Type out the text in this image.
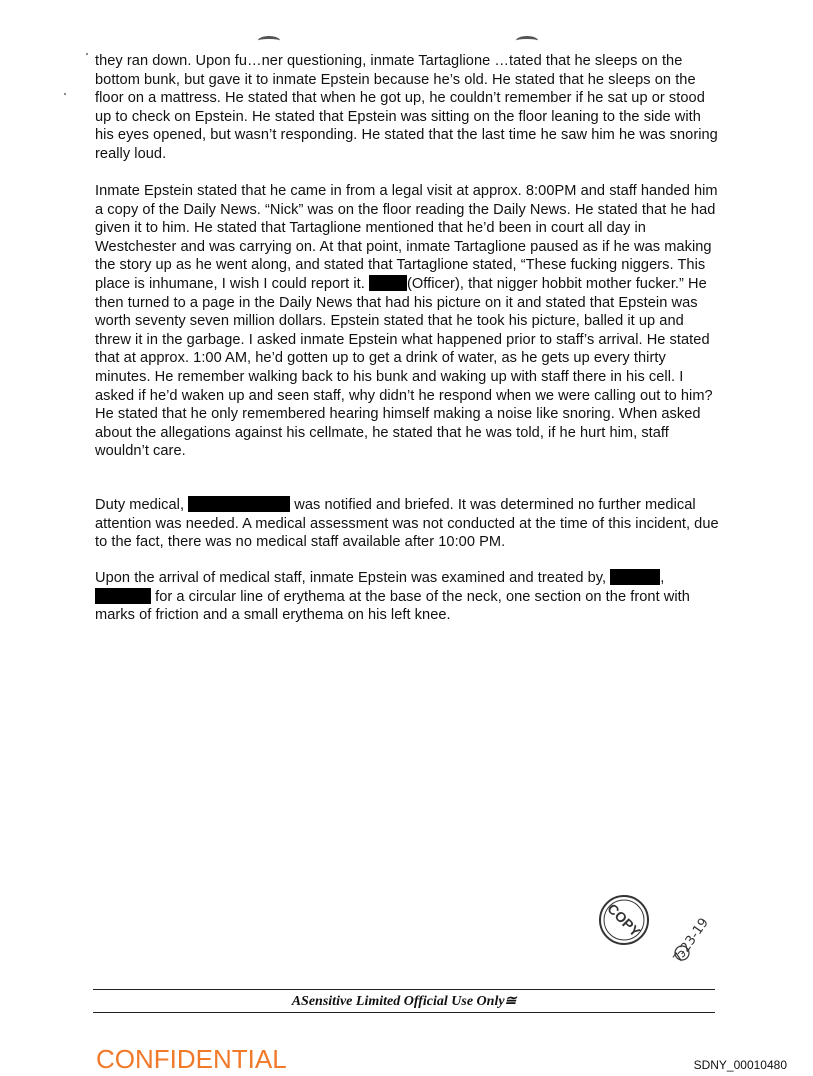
they ran down. Upon fu…ner questioning, inmate Tartaglione …tated that he sleeps on the bottom bunk, but gave it to inmate Epstein because he’s old. He stated that he sleeps on the floor on a mattress. He stated that when he got up, he couldn’t remember if he sat up or stood up to check on Epstein. He stated that Epstein was sitting on the floor leaning to the side with his eyes opened, but wasn’t responding. He stated that the last time he saw him he was snoring really loud.

Inmate Epstein stated that he came in from a legal visit at approx. 8:00PM and staff handed him a copy of the Daily News. “Nick” was on the floor reading the Daily News. He stated that he had given it to him. He stated that Tartaglione mentioned that he’d been in court all day in Westchester and was carrying on. At that point, inmate Tartaglione paused as if he was making the story up as he went along, and stated that Tartaglione stated, “These fucking niggers. This place is inhumane, I wish I could report it.	(Officer), that nigger hobbit mother fucker.” He then turned to a page in the Daily News that had his picture on it and stated that Epstein was worth seventy seven million dollars. Epstein stated that he took his picture, balled it up and threw it in the garbage. I asked inmate Epstein what happened prior to staff’s arrival. He stated that at approx. 1:00 AM, he’d gotten up to get a drink of water, as he gets up every thirty minutes. He remember walking back to his bunk and waking up with staff there in his cell. I asked if he’d waken up and seen staff, why didn’t he respond when we were calling out to him? He stated that he only remembered hearing himself making a noise like snoring. When asked about the allegations against his cellmate, he stated that he was told, if he hurt him, staff wouldn’t care.

Duty medical,	was notified and briefed. It was determined no further medical attention was needed. A medical assessment was not conducted at the time of this incident, due to the fact, there was no medical staff available after 10:00 PM.

Upon the arrival of medical staff, inmate Epstein was examined and treated by,	,  for a circular line of erythema at the base of the neck, one section on the front with marks of friction and a small erythema on his left knee.

COPY 7-23-19
ASensitive Limited Official Use Only≅
CONFIDENTIAL	SDNY_00010480
